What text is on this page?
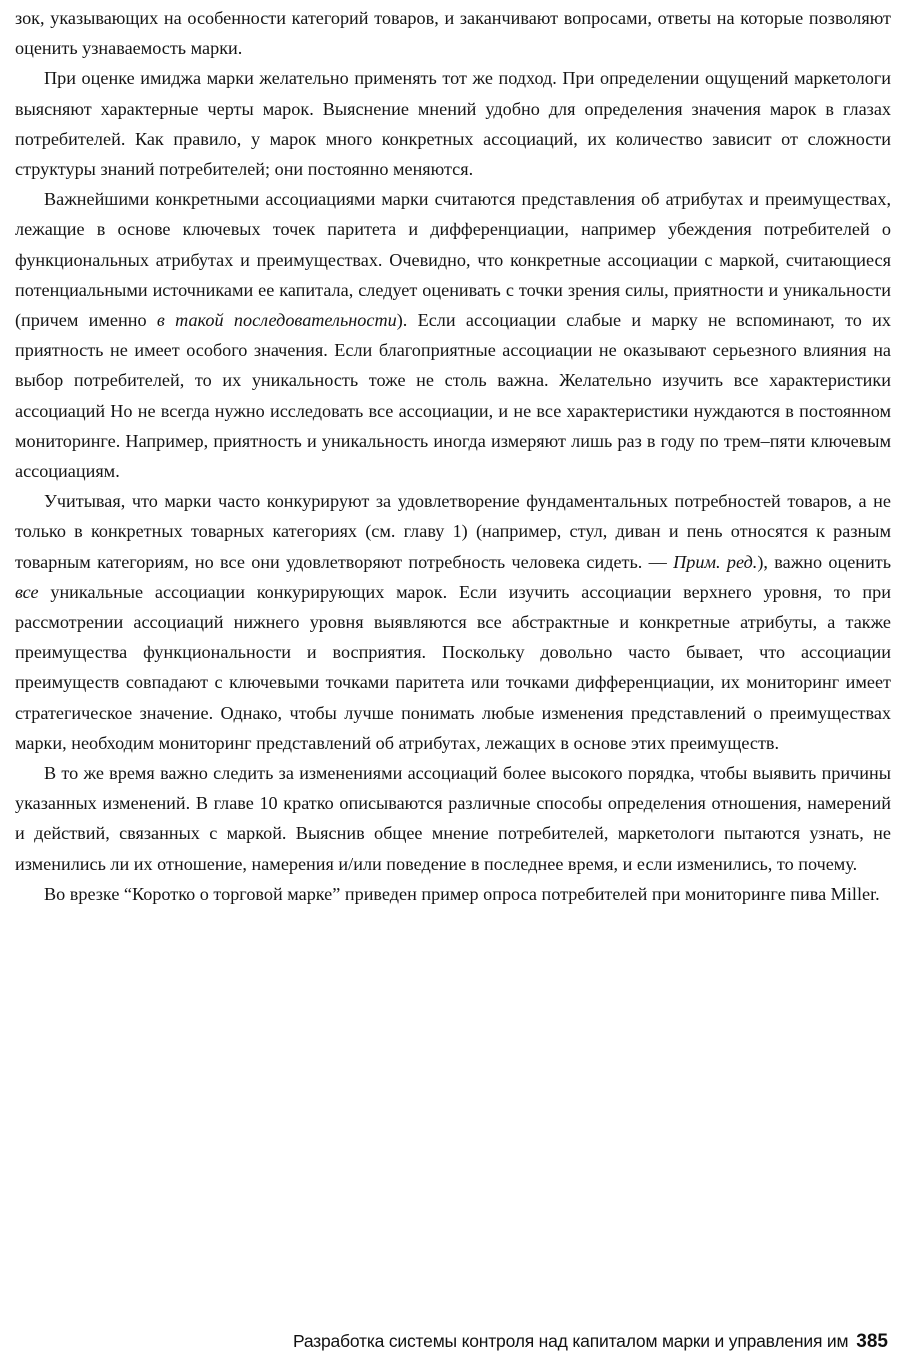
зок, указывающих на особенности категорий товаров, и заканчивают вопросами, ответы на которые позволяют оценить узнаваемость марки.

При оценке имиджа марки желательно применять тот же подход. При определении ощущений маркетологи выясняют характерные черты марок. Выяснение мнений удобно для определения значения марок в глазах потребителей. Как правило, у марок много конкретных ассоциаций, их количество зависит от сложности структуры знаний потребителей; они постоянно меняются.

Важнейшими конкретными ассоциациями марки считаются представления об атрибутах и преимуществах, лежащие в основе ключевых точек паритета и дифференциации, например убеждения потребителей о функциональных атрибутах и преимуществах. Очевидно, что конкретные ассоциации с маркой, считающиеся потенциальными источниками ее капитала, следует оценивать с точки зрения силы, приятности и уникальности (причем именно в такой последовательности). Если ассоциации слабые и марку не вспоминают, то их приятность не имеет особого значения. Если благоприятные ассоциации не оказывают серьезного влияния на выбор потребителей, то их уникальность тоже не столь важна. Желательно изучить все характеристики ассоциаций Но не всегда нужно исследовать все ассоциации, и не все характеристики нуждаются в постоянном мониторинге. Например, приятность и уникальность иногда измеряют лишь раз в году по трем–пяти ключевым ассоциациям.

Учитывая, что марки часто конкурируют за удовлетворение фундаментальных потребностей товаров, а не только в конкретных товарных категориях (см. главу 1) (например, стул, диван и пень относятся к разным товарным категориям, но все они удовлетворяют потребность человека сидеть. — Прим. ред.), важно оценить все уникальные ассоциации конкурирующих марок. Если изучить ассоциации верхнего уровня, то при рассмотрении ассоциаций нижнего уровня выявляются все абстрактные и конкретные атрибуты, а также преимущества функциональности и восприятия. Поскольку довольно часто бывает, что ассоциации преимуществ совпадают с ключевыми точками паритета или точками дифференциации, их мониторинг имеет стратегическое значение. Однако, чтобы лучше понимать любые изменения представлений о преимуществах марки, необходим мониторинг представлений об атрибутах, лежащих в основе этих преимуществ.

В то же время важно следить за изменениями ассоциаций более высокого порядка, чтобы выявить причины указанных изменений. В главе 10 кратко описываются различные способы определения отношения, намерений и действий, связанных с маркой. Выяснив общее мнение потребителей, маркетологи пытаются узнать, не изменились ли их отношение, намерения и/или поведение в последнее время, и если изменились, то почему.

Во врезке “Коротко о торговой марке” приведен пример опроса потребителей при мониторинге пива Miller.

Разработка системы контроля над капиталом марки и управления им 385
